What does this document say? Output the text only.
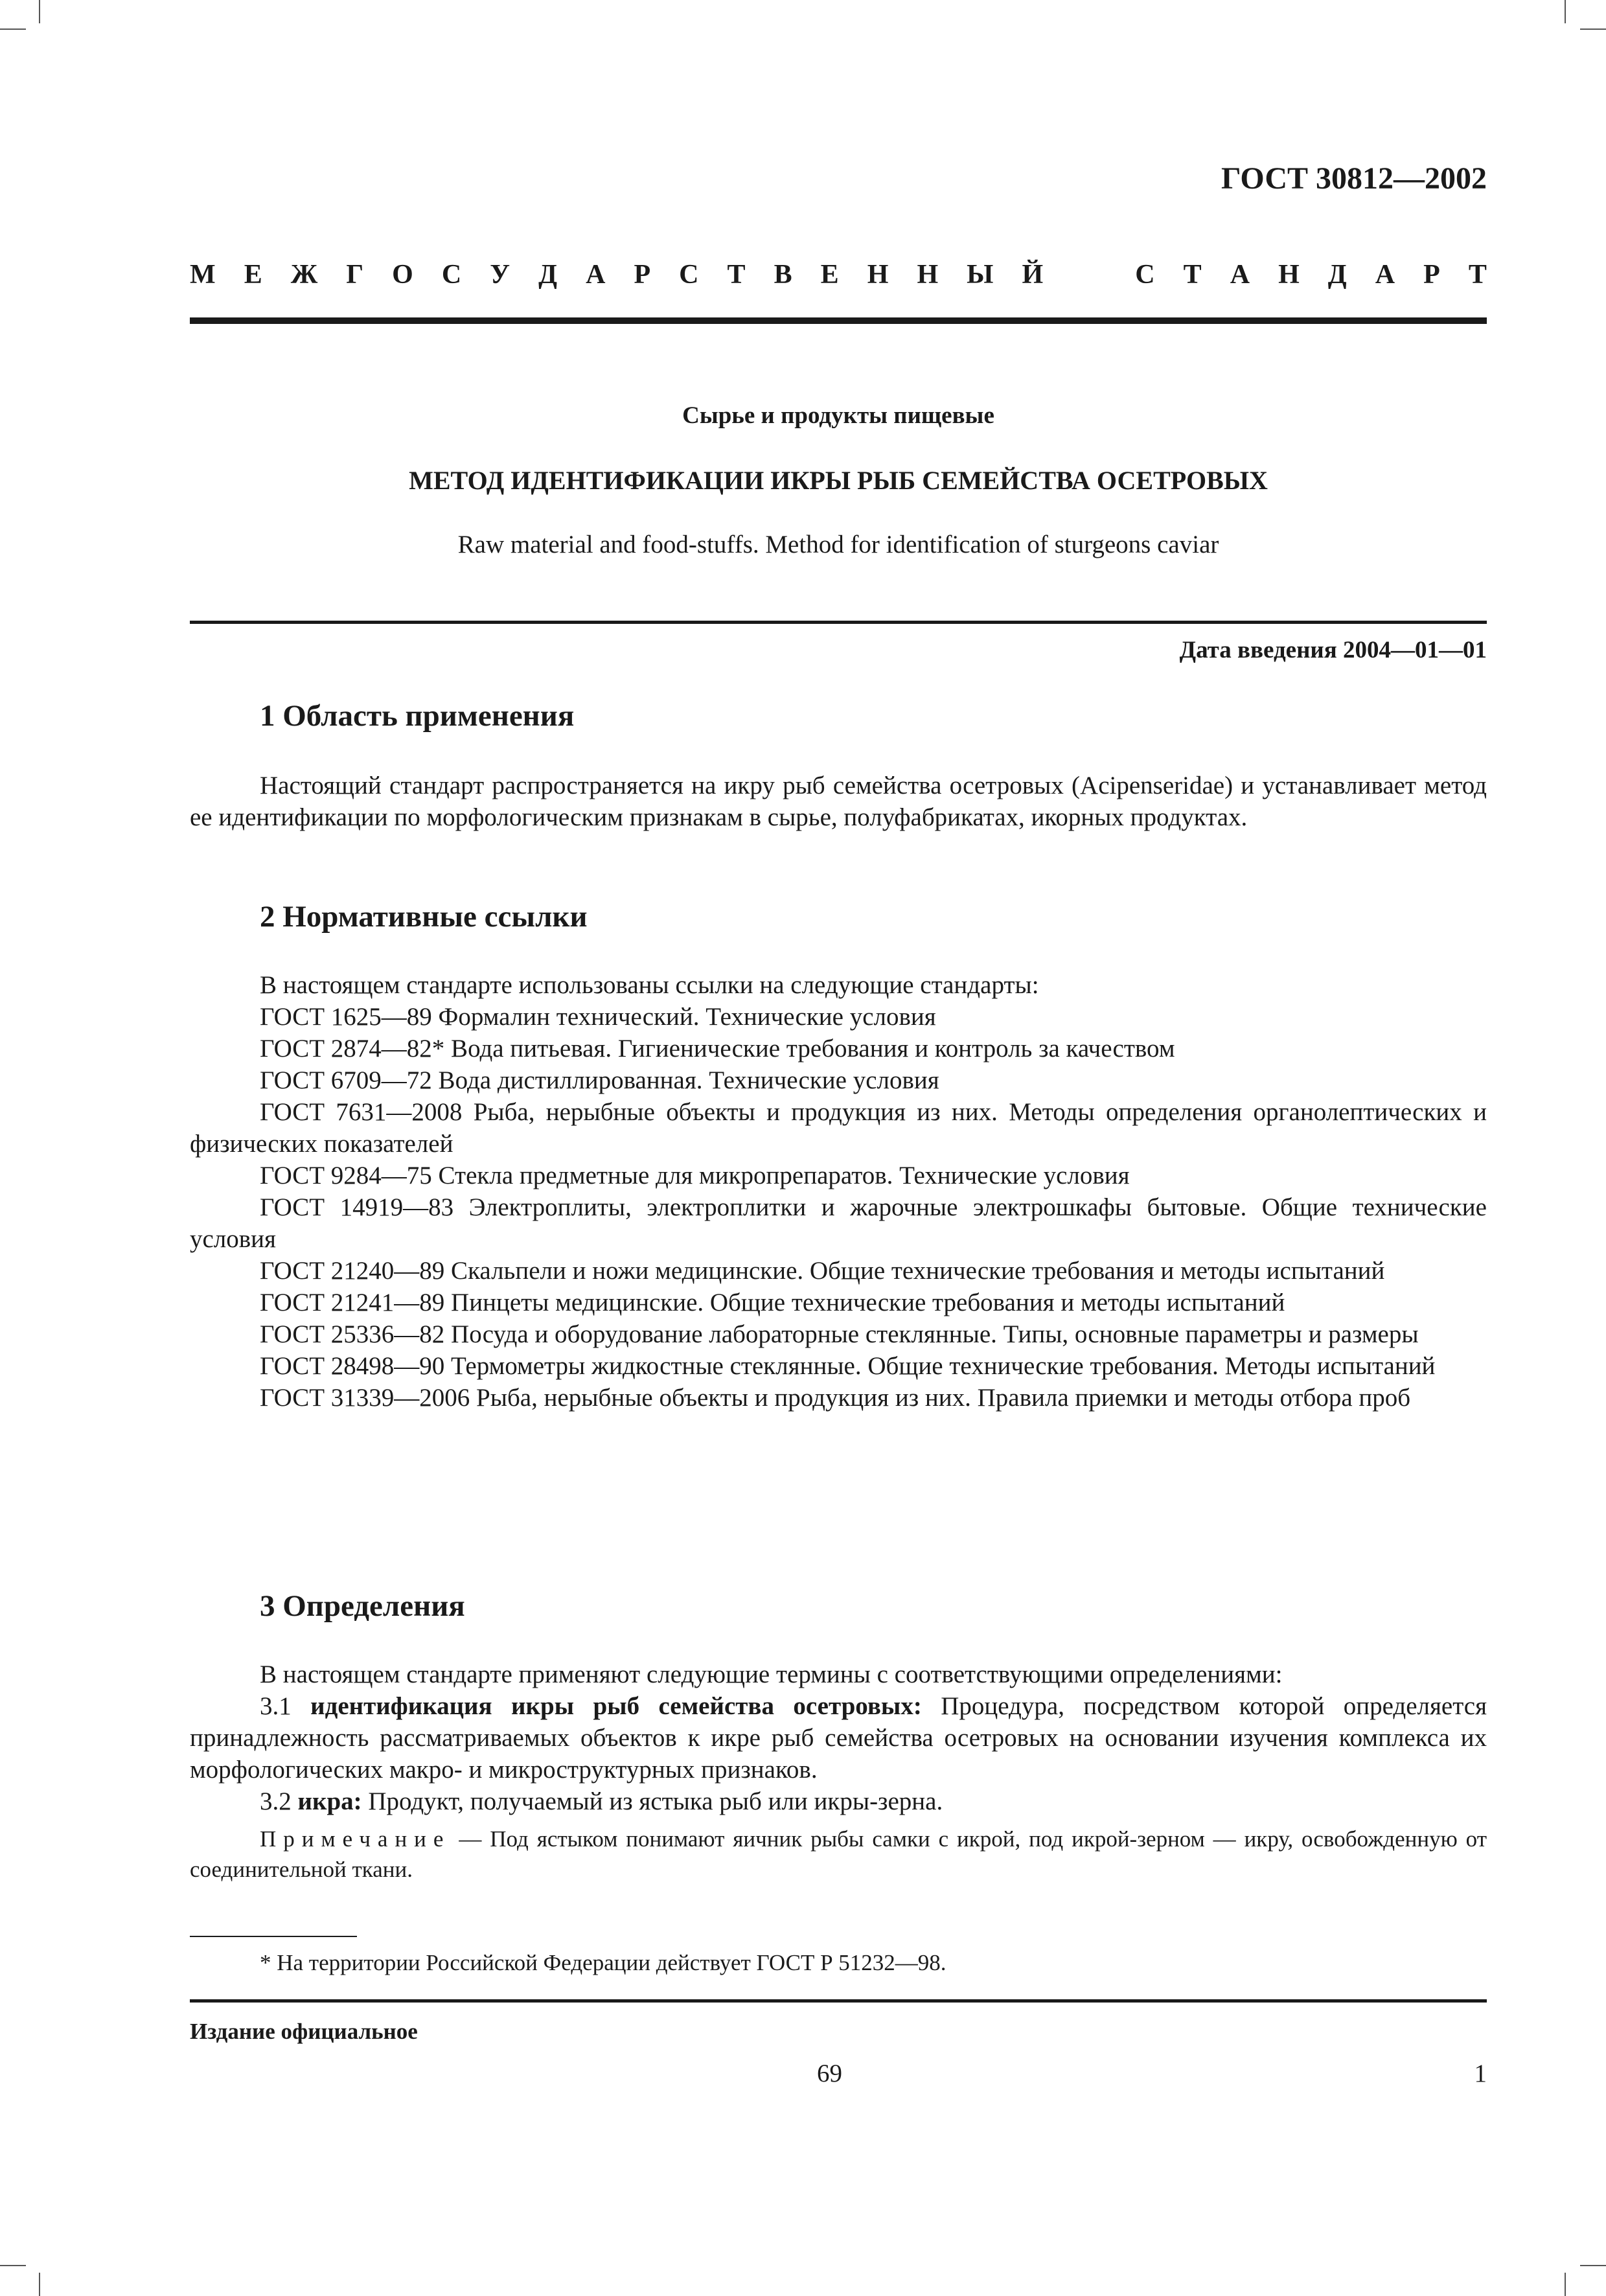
ГОСТ 30812—2002
М Е Ж Г О С У Д А Р С Т В Е Н Н Ы Й	С Т А Н Д А Р Т
Сырье и продукты пищевые
МЕТОД ИДЕНТИФИКАЦИИ ИКРЫ РЫБ СЕМЕЙСТВА ОСЕТРОВЫХ
Raw material and food-stuffs. Method for identification of sturgeons caviar
Дата введения 2004—01—01
1 Область применения

Настоящий стандарт распространяется на икру рыб семейства осетровых (Acipenseridae) и устанавливает метод ее идентификации по морфологическим признакам в сырье, полуфабрикатах, икорных продуктах.

2 Нормативные ссылки

В настоящем стандарте использованы ссылки на следующие стандарты:

ГОСТ 1625—89 Формалин технический. Технические условия

ГОСТ 2874—82* Вода питьевая. Гигиенические требования и контроль за качеством

ГОСТ 6709—72 Вода дистиллированная. Технические условия

ГОСТ 7631—2008 Рыба, нерыбные объекты и продукция из них. Методы определения органолептических и физических показателей

ГОСТ 9284—75 Стекла предметные для микропрепаратов. Технические условия

ГОСТ 14919—83 Электроплиты, электроплитки и жарочные электрошкафы бытовые. Общие технические условия

ГОСТ 21240—89 Скальпели и ножи медицинские. Общие технические требования и методы испытаний

ГОСТ 21241—89 Пинцеты медицинские. Общие технические требования и методы испытаний

ГОСТ 25336—82 Посуда и оборудование лабораторные стеклянные. Типы, основные параметры и размеры

ГОСТ 28498—90 Термометры жидкостные стеклянные. Общие технические требования. Методы испытаний

ГОСТ 31339—2006 Рыба, нерыбные объекты и продукция из них. Правила приемки и методы отбора проб

3 Определения

В настоящем стандарте применяют следующие термины с соответствующими определениями:

3.1 идентификация икры рыб семейства осетровых: Процедура, посредством которой определяется принадлежность рассматриваемых объектов к икре рыб семейства осетровых на основании изучения комплекса их морфологических макро- и микроструктурных признаков.

3.2 икра: Продукт, получаемый из ястыка рыб или икры-зерна.

Примечание — Под ястыком понимают яичник рыбы самки с икрой, под икрой-зерном — икру, освобожденную от соединительной ткани.

* На территории Российской Федерации действует ГОСТ Р 51232—98.
Издание официальное
69	1
